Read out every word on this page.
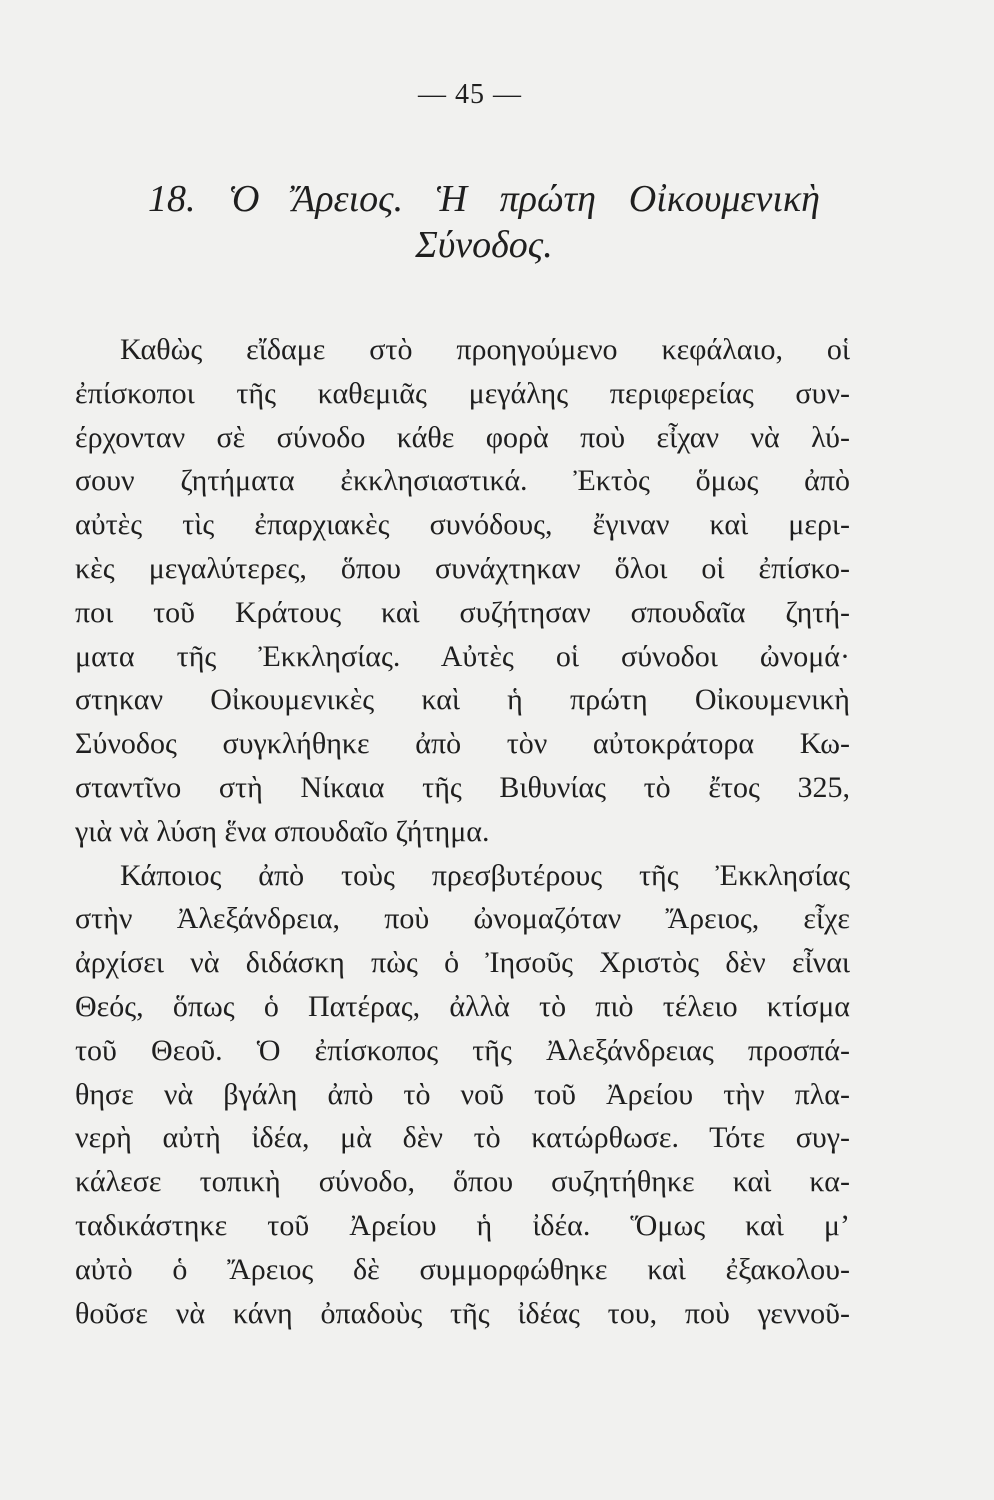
— 45 —
18. Ὁ Ἄρειος. Ἡ πρώτη Οἰκουμενικὴ
Σύνοδος.
Καθὼς εἴδαμε στὸ προηγούμενο κεφάλαιο, οἱ
ἐπίσκοποι τῆς καθεμιᾶς μεγάλης περιφερείας συν-
έρχονταν σὲ σύνοδο κάθε φορὰ ποὺ εἶχαν νὰ λύ-
σουν ζητήματα ἐκκλησιαστικά. Ἐκτὸς ὅμως ἀπὸ
αὐτὲς τὶς ἐπαρχιακὲς συνόδους, ἔγιναν καὶ μερι-
κὲς μεγαλύτερες, ὅπου συνάχτηκαν ὅλοι οἱ ἐπίσκο-
ποι τοῦ Κράτους καὶ συζήτησαν σπουδαῖα ζητή-
ματα τῆς Ἐκκλησίας. Αὐτὲς οἱ σύνοδοι ὠνομά·
στηκαν Οἰκουμενικὲς καὶ ἡ πρώτη Οἰκουμενικὴ
Σύνοδος συγκλήθηκε ἀπὸ τὸν αὐτοκράτορα Κω-
σταντῖνο στὴ Νίκαια τῆς Βιθυνίας τὸ ἔτος 325,
γιὰ νὰ λύση ἕνα σπουδαῖο ζήτημα.
Κάποιος ἀπὸ τοὺς πρεσβυτέρους τῆς Ἐκκλησίας
στὴν Ἀλεξάνδρεια, ποὺ ὠνομαζόταν Ἄρειος, εἶχε
ἀρχίσει νὰ διδάσκη πὼς ὁ Ἰησοῦς Χριστὸς δὲν εἶναι
Θεός, ὅπως ὁ Πατέρας, ἀλλὰ τὸ πιὸ τέλειο κτίσμα
τοῦ Θεοῦ. Ὁ ἐπίσκοπος τῆς Ἀλεξάνδρειας προσπά-
θησε νὰ βγάλη ἀπὸ τὸ νοῦ τοῦ Ἀρείου τὴν πλα-
νερὴ αὐτὴ ἰδέα, μὰ δὲν τὸ κατώρθωσε. Τότε συγ-
κάλεσε τοπικὴ σύνοδο, ὅπου συζητήθηκε καὶ κα-
ταδικάστηκε τοῦ Ἀρείου ἡ ἰδέα. Ὅμως καὶ μ’
αὐτὸ ὁ Ἄρειος δὲ συμμορφώθηκε καὶ ἐξακολου-
θοῦσε νὰ κάνη ὀπαδοὺς τῆς ἰδέας του, ποὺ γεννοῦ-
